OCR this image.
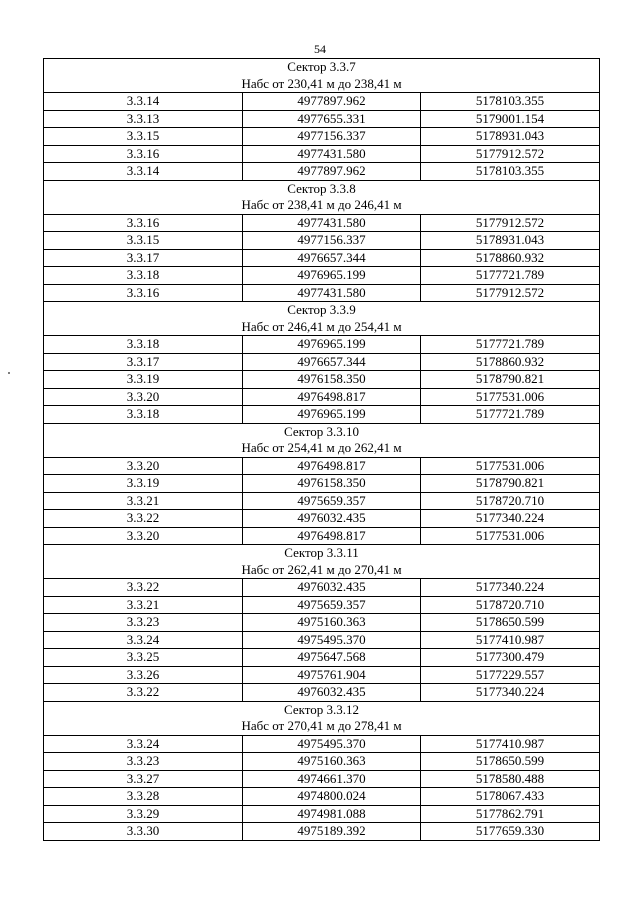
54
Сектор 3.3.7
Набс от 230,41 м до 238,41 м		

3.3.14	4977897.962	5178103.355
3.3.13	4977655.331	5179001.154
3.3.15	4977156.337	5178931.043
3.3.16	4977431.580	5177912.572
3.3.14	4977897.962	5178103.355

Сектор 3.3.8
Набс от 238,41 м до 246,41 м		

3.3.16	4977431.580	5177912.572
3.3.15	4977156.337	5178931.043
3.3.17	4976657.344	5178860.932
3.3.18	4976965.199	5177721.789
3.3.16	4977431.580	5177912.572

Сектор 3.3.9
Набс от 246,41 м до 254,41 м		

3.3.18	4976965.199	5177721.789
3.3.17	4976657.344	5178860.932
3.3.19	4976158.350	5178790.821
3.3.20	4976498.817	5177531.006
3.3.18	4976965.199	5177721.789

Сектор 3.3.10
Набс от 254,41 м до 262,41 м		

3.3.20	4976498.817	5177531.006
3.3.19	4976158.350	5178790.821
3.3.21	4975659.357	5178720.710
3.3.22	4976032.435	5177340.224
3.3.20	4976498.817	5177531.006

Сектор 3.3.11
Набс от 262,41 м до 270,41 м		

3.3.22	4976032.435	5177340.224
3.3.21	4975659.357	5178720.710
3.3.23	4975160.363	5178650.599
3.3.24	4975495.370	5177410.987
3.3.25	4975647.568	5177300.479
3.3.26	4975761.904	5177229.557
3.3.22	4976032.435	5177340.224

Сектор 3.3.12
Набс от 270,41 м до 278,41 м		

3.3.24	4975495.370	5177410.987
3.3.23	4975160.363	5178650.599
3.3.27	4974661.370	5178580.488
3.3.28	4974800.024	5178067.433
3.3.29	4974981.088	5177862.791
3.3.30	4975189.392	5177659.330
